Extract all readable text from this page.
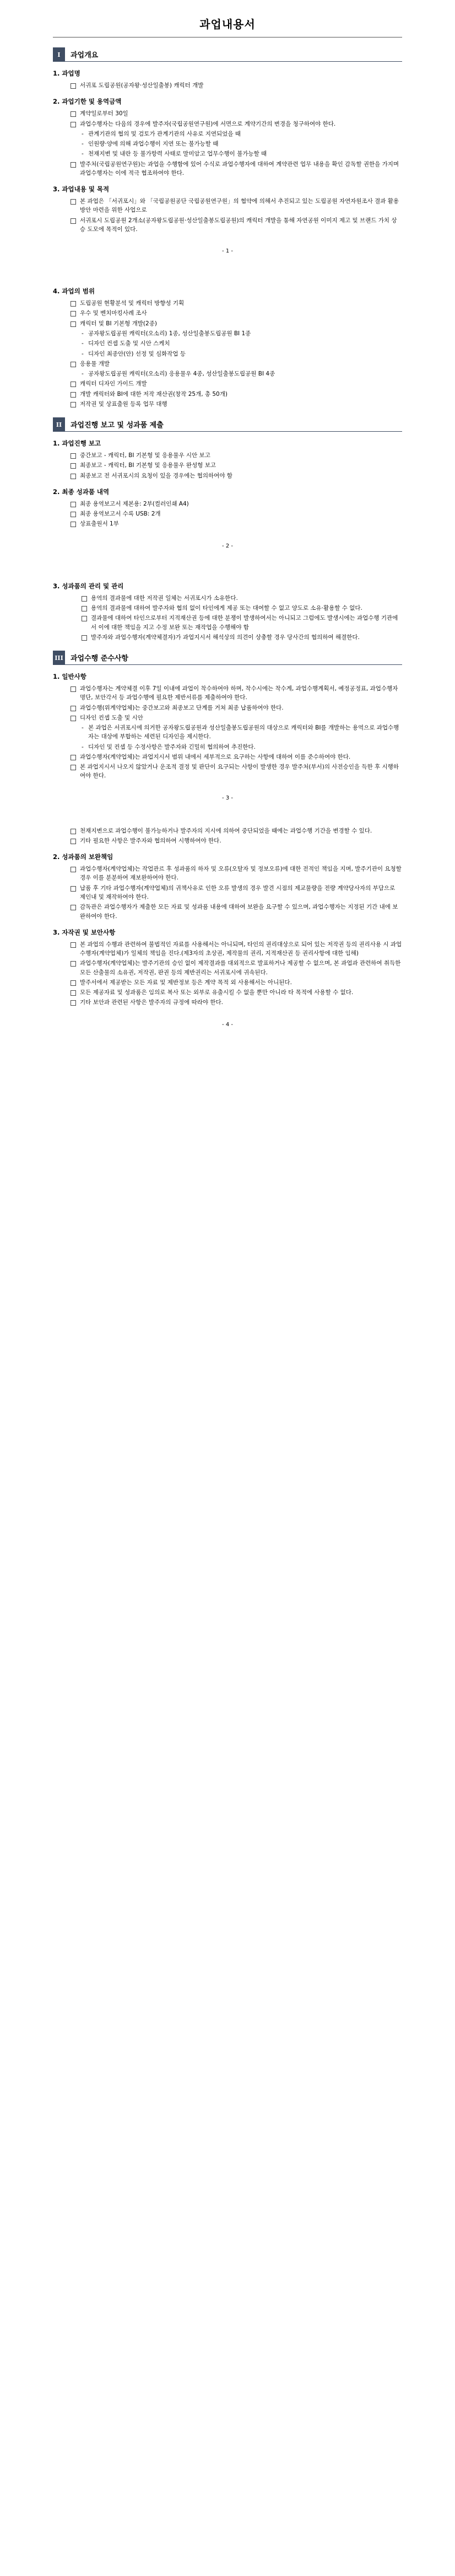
과업내용서
I	과업개요
1. 과업명
서귀포 도립공원(공자왕·성산일출봉) 캐릭터 개발
2. 과업기한 및 용역금액
계약일로부터 30일
과업수행자는 다음의 경우에 발주자(국립공원연구원)에 서면으로 계약기간의 변경을 청구하여야 한다.
- 관계기관의 협의 및 검토가 관계기관의 사유로 지연되었을 때
- 인원량·양에 의해 과업수행이 지연 또는 불가능할 때
- 천재지변 및 내란 등 불가항력 사태로 말미암고 업무수행이 불가능할 때
발주처(국립공원연구원)는 과업을 수행함에 있어 수식로 과업수행자에 대하여 계약관련 업무 내용을 확인 감독할 권한을 가지며 과업수행자는 이에 적극 협조하여야 한다.
3. 과업내용 및 목적
본 과업은 「서귀포시」와 「국립공원공단 국립공원연구원」의 협약에 의해서 추진되고 있는 도립공원 자연자원조사 결과 활용방안 마련을 위한 사업으로
서귀포시 도립공원 2개소(공자왕도립공원·성산일출봉도립공원)의 캐릭터 개발을 통해 자연공원 이미지 제고 및 브랜드 가치 상승 도모에 목적이 있다.
- 1 -
4. 과업의 범위
도립공원 현황분석 및 캐릭터 방향성 기획
우수 및 벤치마킹사례 조사
캐릭터 및 BI 기본형 개발(2종)
- 공자왕도립공원 캐릭터(오소리) 1종, 성산일출봉도립공원 BI 1종
- 디자인 컨셉 도출 및 시안 스케치
- 디자인 최종안(안) 선정 및 심화작업 등
응용물 개발
- 공자왕도립공원 캐릭터(오소리) 응용물우 4종, 성산일출봉도립공원 BI 4종
캐릭터 디자인 가이드 개발
개발 캐릭터와 BI에 대한 저작 재산권(창작 25개, 총 50개)
저작권 및 상표출원 등록 업무 대행
II	과업진행 보고 및 성과품 제출
1. 과업진행 보고
중간보고 - 캐릭터, BI 기본형 및 응용물우 시안 보고
최종보고 - 캐릭터, BI 기본형 및 응용물우 완성형 보고
최종보고 전 서귀포시의 요청이 있을 경우에는 협의하여야 함
2. 최종 성과품 내역
최종 용역보고서 제본용: 2부(컬러인쇄 A4)
최종 용역보고서 수록 USB: 2개
상표출원서 1부
- 2 -
3. 성과품의 관리 및 관리
용역의 결과물에 대한 저작권 일체는 서귀포시가 소유한다.
용역의 결과물에 대하여 발주자와 협의 없이 타인에게 제공 또는 대여할 수 없고 양도로 소유·활용할 수 없다.
결과물에 대하여 타인으로부터 지적재산권 등에 대한 분쟁이 발생하여서는 아니되고 그럼에도 발생시에는 과업수행 기관에서 이에 대한 책임을 지고 수정 보완 또는 재작업을 수행해야 함
발주자와 과업수행자(계약체결자)가 과업지시서 해석상의 의견이 상충할 경우 당사간의 협의하여 해결한다.
III	과업수행 준수사항
1. 일반사항
과업수행자는 계약체결 이후 7일 이내에 과업이 착수하여야 하며, 착수시에는 착수계, 과업수행계획서, 예정공정표, 과업수행자 명단, 보안각서 등 과업수행에 필요한 제반서류를 제출하여야 한다.
과업수행(위계약업체)는 중간보고와 최종보고 단계를 거쳐 최종 납품하여야 한다.
디자인 컨셉 도출 및 시안
- 본 과업은 서귀포시에 의거한 공자왕도립공원과 성산일출봉도립공원의 대상으로 캐릭터와 BI를 개발하는 용역으로 과업수행자는 대상에 부합하는 세련된 디자인을 제시한다.
- 디자인 및 컨셉 등 수정사항은 발주자와 긴밀히 협의하여 추진한다.
과업수행자(계약업체)는 과업지시서 범위 내에서 세부적으로 요구하는 사항에 대하여 이를 준수하여야 한다.
본 과업지시서 나오지 않았거나 운조적 결정 및 판단이 요구되는 사항이 발생한 경우 발주처(부서)의 사전승인을 득한 후 시행하여야 한다.
- 3 -
천재지변으로 과업수행이 불가능하거나 발주자의 지시에 의하여 중단되었을 때에는 과업수행 기간을 변경할 수 있다.
기타 필요한 사항은 발주자와 협의하여 시행하여야 한다.
2. 성과품의 보완책임
과업수행자(계약업체)는 작업관르 후 성과품의 하자 및 오류(오탈자 및 정보오류)에 대한 전적인 책임을 지며, 발주기관이 요청할 경우 이를 분분하여 재보완하여야 한다.
납품 후 기타 과업수행자(계약업체)의 귀책사유로 인한 오류 발생의 경우 발견 시점의 제교물량을 전량 계약당사자의 부담으로 제인내 및 재작하여야 한다.
감독관은 과업수행자가 제출한 모든 자료 및 성과품 내용에 대하여 보완을 요구할 수 있으며, 과업수행자는 지정된 기간 내에 보완하여야 한다.
3. 자작권 및 보안사항
본 과업의 수행과 관련하여 불법적인 자료를 사용해서는 아니되며, 타인의 권리대상으로 되어 있는 저작권 등의 권리사용 시 과업수행자(계약업체)가 일체의 책임을 진다.(제3자의 초상권, 제작물의 권리, 지적재산권 등 권리사항에 대한 임해)
과업수행자(계약업체)는 발주기관의 승인 없이 제작결과를 대외적으로 발표하거나 제공할 수 없으며, 본 과업과 관련하여 취득한 모든 산출물의 소유권, 저작권, 판권 등의 제반권리는 서귀포시에 귀속된다.
발주서에서 제공받는 모든 자료 및 제반정보 등은 계약 목적 외 사용해서는 아니된다.
모든 제공자료 및 성과품은 임의로 복사 또는 외부로 유출시킬 수 없을 뿐만 아니라 타 목적에 사용할 수 없다.
기타 보안과 관련된 사항은 발주자의 규정에 따라야 한다.
- 4 -
